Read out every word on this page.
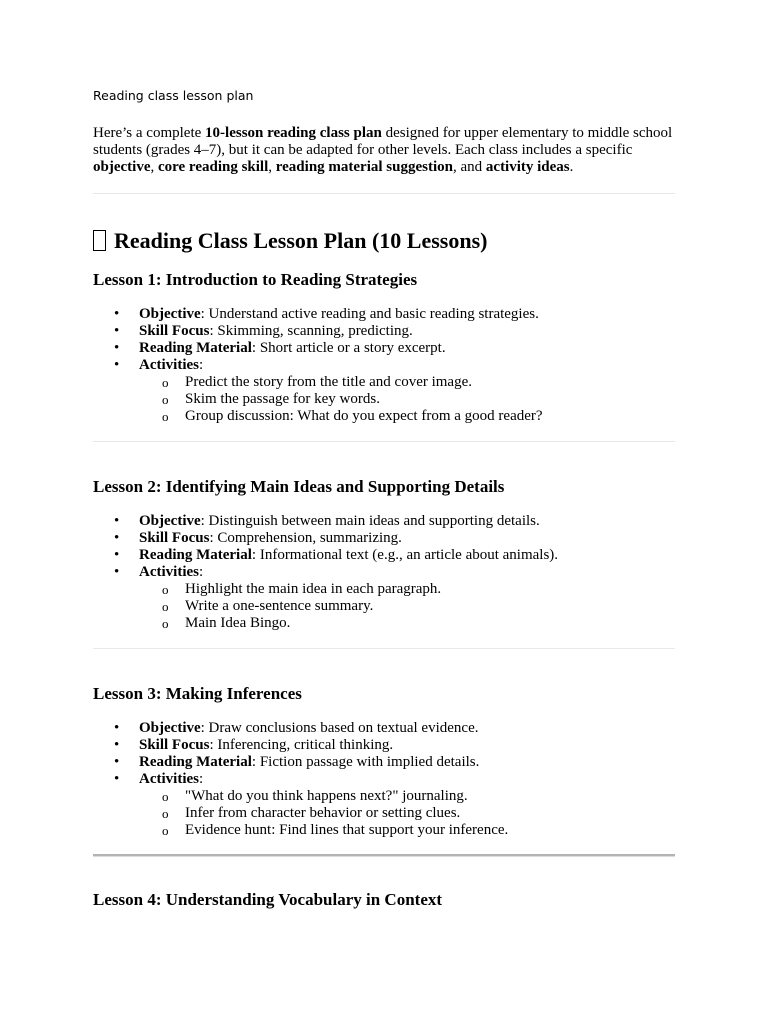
Reading class lesson plan

Here’s a complete 10-lesson reading class plan designed for upper elementary to middle school students (grades 4–7), but it can be adapted for other levels. Each class includes a specific objective, core reading skill, reading material suggestion, and activity ideas.

Reading Class Lesson Plan (10 Lessons)
Lesson 1: Introduction to Reading Strategies
• Objective: Understand active reading and basic reading strategies.
• Skill Focus: Skimming, scanning, predicting.
• Reading Material: Short article or a story excerpt.
• Activities:
o Predict the story from the title and cover image.
o Skim the passage for key words.
o Group discussion: What do you expect from a good reader?
Lesson 2: Identifying Main Ideas and Supporting Details
• Objective: Distinguish between main ideas and supporting details.
• Skill Focus: Comprehension, summarizing.
• Reading Material: Informational text (e.g., an article about animals).
• Activities:
o Highlight the main idea in each paragraph.
o Write a one-sentence summary.
o Main Idea Bingo.
Lesson 3: Making Inferences
• Objective: Draw conclusions based on textual evidence.
• Skill Focus: Inferencing, critical thinking.
• Reading Material: Fiction passage with implied details.
• Activities:
o "What do you think happens next?" journaling.
o Infer from character behavior or setting clues.
o Evidence hunt: Find lines that support your inference.
Lesson 4: Understanding Vocabulary in Context
